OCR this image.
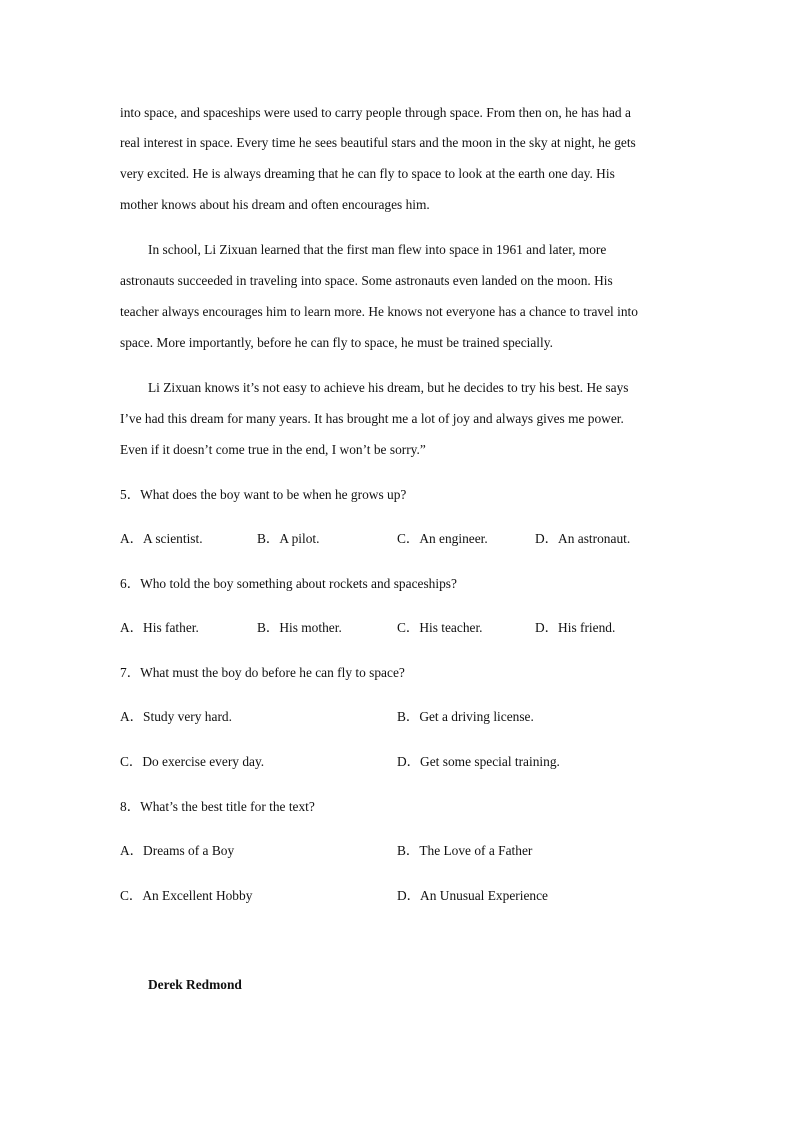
into space, and spaceships were used to carry people through space. From then on, he has had a
real interest in space. Every time he sees beautiful stars and the moon in the sky at night, he gets
very excited. He is always dreaming that he can fly to space to look at the earth one day. His
mother knows about his dream and often encourages him.
In school, Li Zixuan learned that the first man flew into space in 1961 and later, more
astronauts succeeded in traveling into space. Some astronauts even landed on the moon. His
teacher always encourages him to learn more. He knows not everyone has a chance to travel into
space. More importantly, before he can fly to space, he must be trained specially.
Li Zixuan knows it’s not easy to achieve his dream, but he decides to try his best. He says
I’ve had this dream for many years. It has brought me a lot of joy and always gives me power.
Even if it doesn’t come true in the end, I won’t be sorry.”
5．What does the boy want to be when he grows up?
A．A scientist.	B．A pilot.	C．An engineer.	D．An astronaut.
6．Who told the boy something about rockets and spaceships?
A．His father.	B．His mother.	C．His teacher.	D．His friend.
7．What must the boy do before he can fly to space?
A．Study very hard.	B．Get a driving license.
C．Do exercise every day.	D．Get some special training.
8．What’s the best title for the text?
A．Dreams of a Boy	B．The Love of a Father
C．An Excellent Hobby	D．An Unusual Experience
Derek Redmond
